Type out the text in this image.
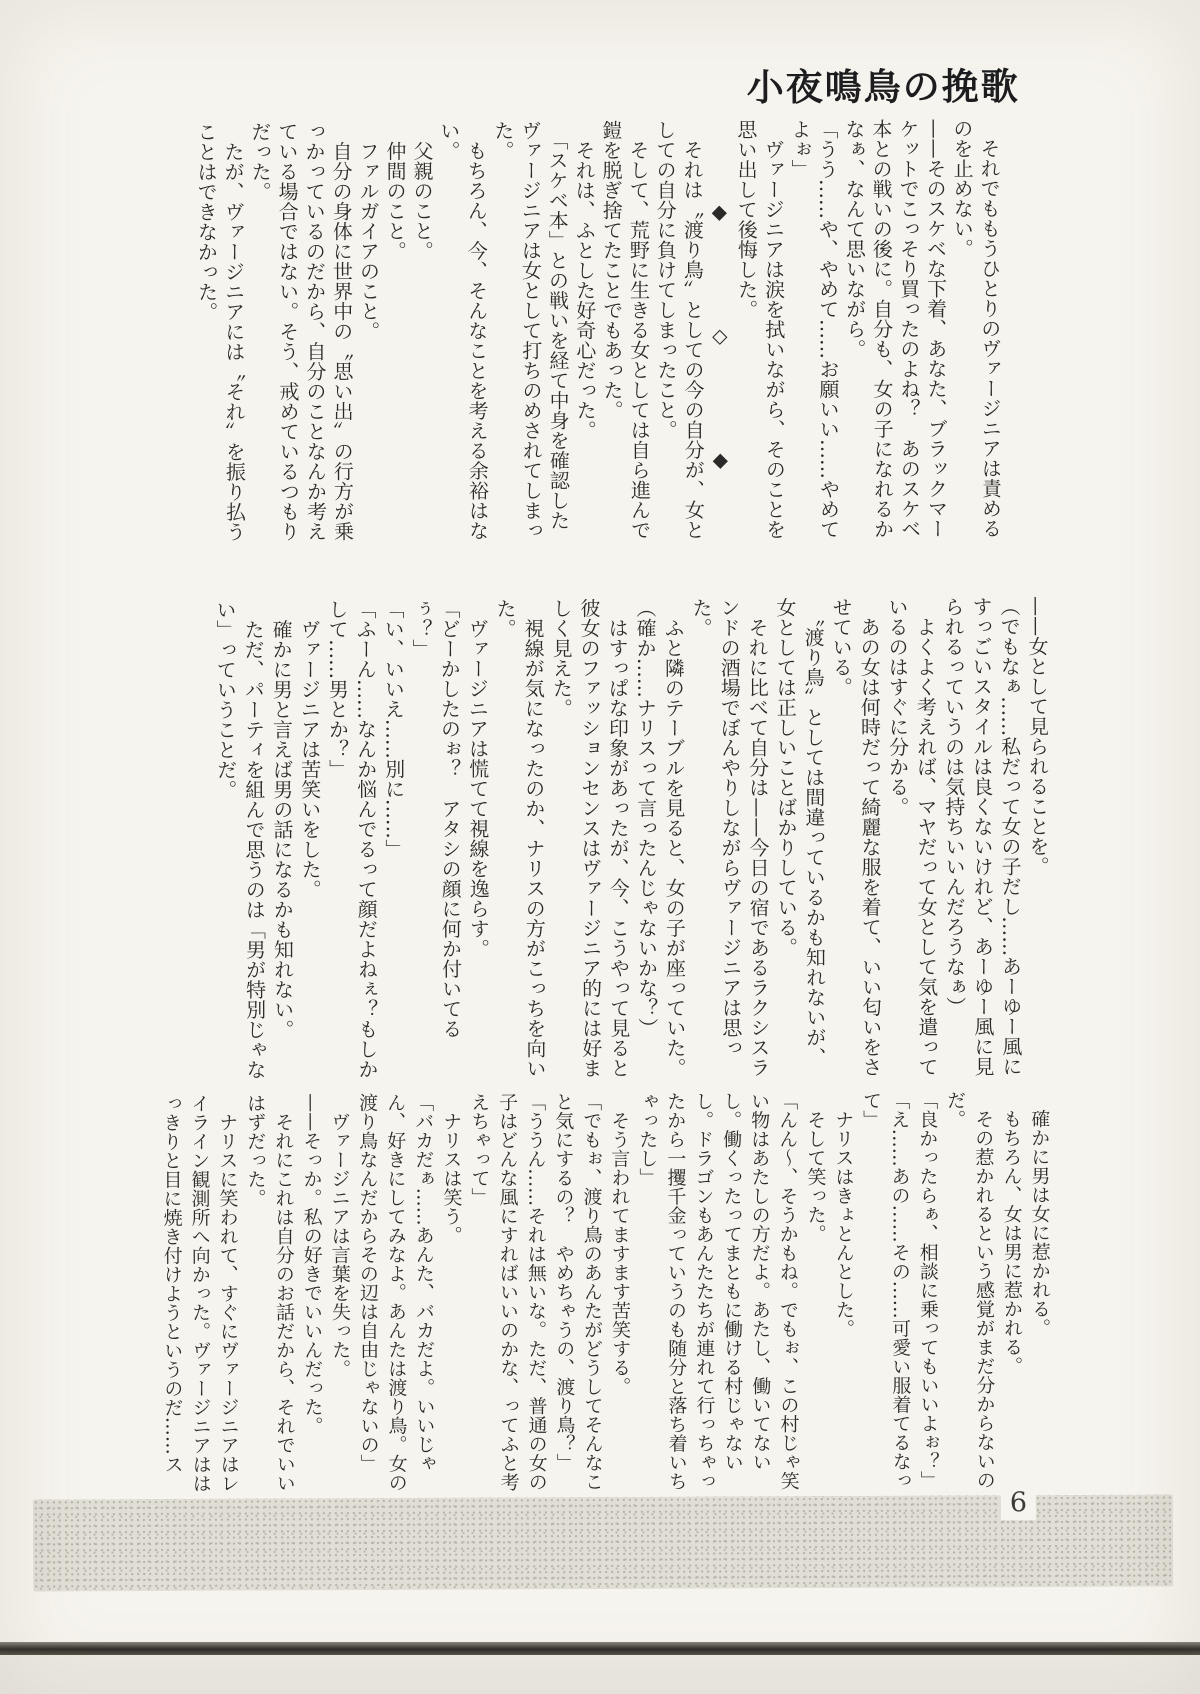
小夜鳴鳥の挽歌
　それでももうひとりのヴァージニアは責めるのを止めない。
——そのスケベな下着、あなた、ブラックマーケットでこっそり買ったのよね？　あのスケベ本との戦いの後に。自分も、女の子になれるかなぁ、なんて思いながら。
「うう……や、やめて……お願いい……やめてよぉ」
　ヴァージニアは涙を拭いながら、そのことを思い出して後悔した。
　　　　◆　　　　　◇　　　　　◆
　それは〝渡り鳥〟としての今の自分が、女としての自分に負けてしまったこと。
　そして、荒野に生きる女としては自ら進んで鎧を脱ぎ捨てたことでもあった。
　それは、ふとした好奇心だった。
　「スケベ本」との戦いを経て中身を確認したヴァージニアは女として打ちのめされてしまった。
　もちろん、今、そんなことを考える余裕はない。
　父親のこと。
　仲間のこと。
　ファルガイアのこと。
　自分の身体に世界中の〝思い出〟の行方が乗っかっているのだから、自分のことなんか考えている場合ではない。そう、戒めているつもりだった。
　たが、ヴァージニアには〝それ〟を振り払うことはできなかった。
——女として見られることを。
（でもなぁ……私だって女の子だし……あーゆー風にすっごいスタイルは良くないけれど、あーゆー風に見られるっていうのは気持ちいいんだろうなぁ）
　よくよく考えれば、マヤだって女として気を遣っているのはすぐに分かる。
　あの女は何時だって綺麗な服を着て、いい匂いをさせている。
　〝渡り鳥〟としては間違っているかも知れないが、女としては正しいことばかりしている。
　それに比べて自分は——今日の宿であるラクシスランドの酒場でぼんやりしながらヴァージニアは思った。
　ふと隣のテーブルを見ると、女の子が座っていた。
（確か……ナリスって言ったんじゃないかな？）
　はすっぱな印象があったが、今、こうやって見ると彼女のファッションセンスはヴァージニア的には好ましく見えた。
　視線が気になったのか、ナリスの方がこっちを向いた。
　ヴァージニアは慌てて視線を逸らす。
「どーかしたのぉ？　アタシの顔に何か付いてるぅ？」
「い、いいえ……別に……」
「ふーん……なんか悩んでるって顔だよねぇ？もしかして……男とか？」
　ヴァージニアは苦笑いをした。
　確かに男と言えば男の話になるかも知れない。
　ただ、パーティを組んで思うのは「男が特別じゃない」っていうことだ。
　確かに男は女に惹かれる。
　もちろん、女は男に惹かれる。
　その惹かれるという感覚がまだ分からないのだ。
「良かったらぁ、相談に乗ってもいいよぉ？」
「え……あの……その……可愛い服着てるなって」
　ナリスはきょとんとした。
　そして笑った。
「んん〜、そうかもね。でもぉ、この村じゃ笑い物はあたしの方だよ。あたし、働いてないし。働くったってまともに働ける村じゃないし。ドラゴンもあんたたちが連れて行っちゃったから一攫千金っていうのも随分と落ち着いちゃったし」
　そう言われてますます苦笑する。
「でもぉ、渡り鳥のあんたがどうしてそんなこと気にするの？　やめちゃうの、渡り鳥？」
「ううん……それは無いな。ただ、普通の女の子はどんな風にすればいいのかな、ってふと考えちゃって」
　ナリスは笑う。
「バカだぁ……あんた、バカだよ。いいじゃん、好きにしてみなよ。あんたは渡り鳥。女の渡り鳥なんだからその辺は自由じゃないの」
　ヴァージニアは言葉を失った。
——そっか。私の好きでいいんだった。
　それにこれは自分のお話だから、それでいいはずだった。
　ナリスに笑われて、すぐにヴァージニアはレイライン観測所へ向かった。ヴァージニアははっきりと目に焼き付けようというのだ……ス
6
